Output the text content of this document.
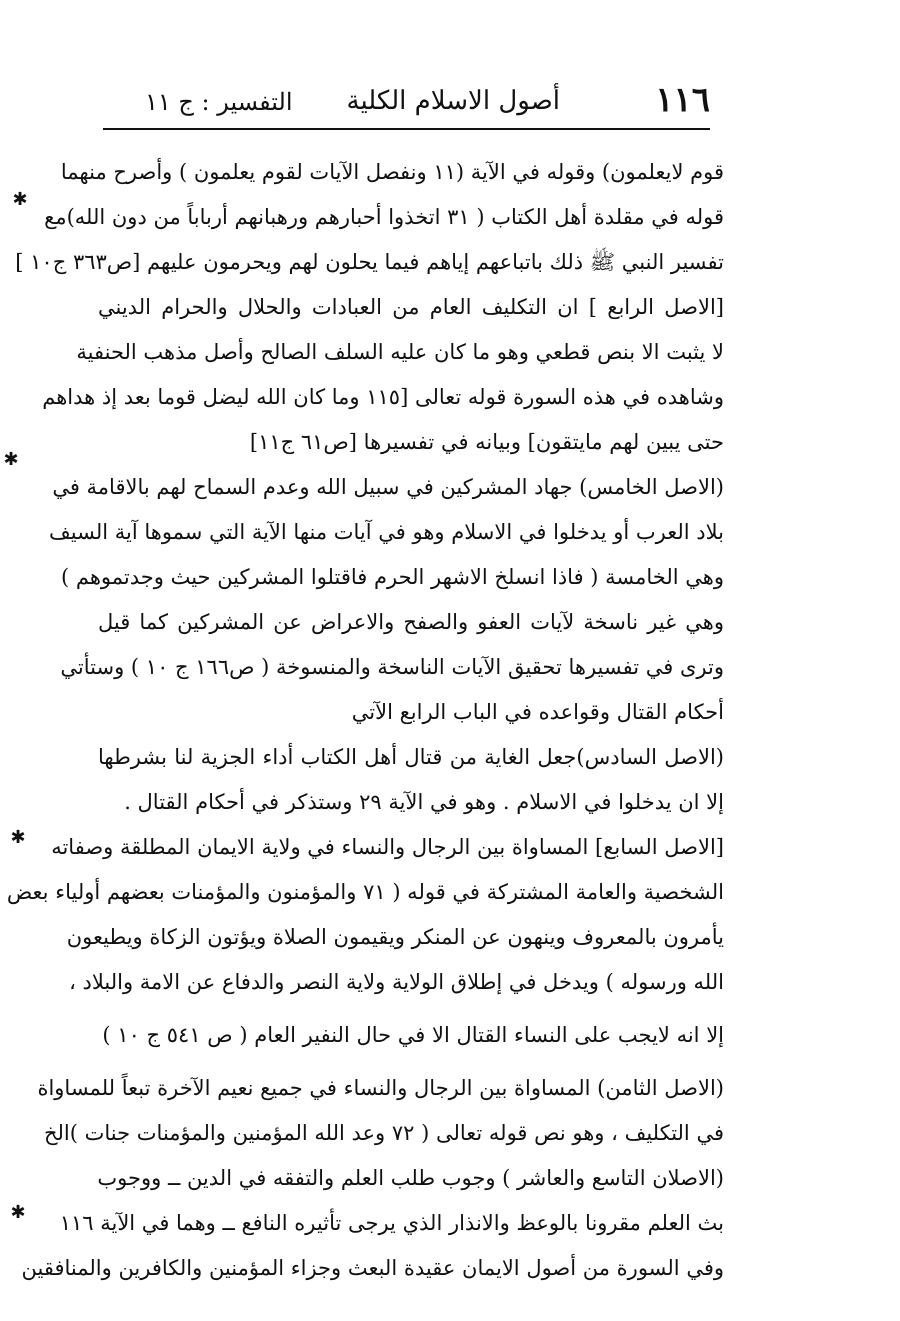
١١٦
أصول الاسلام الكلية
التفسير : ج ١١
قوم لايعلمون) وقوله في الآية (١١ ونفصل الآيات لقوم يعلمون ) وأصرح منهما
قوله في مقلدة أهل الكتاب ( ٣١ اتخذوا أحبارهم ورهبانهم أرباباً من دون الله)مع
تفسير النبي ﷺ ذلك باتباعهم إياهم فيما يحلون لهم ويحرمون عليهم [ص٣٦٣ ج١٠ ]
[الاصل الرابع ] ان التكليف العام من العبادات والحلال والحرام الديني
لا يثبت الا بنص قطعي وهو ما كان عليه السلف الصالح وأصل مذهب الحنفية
وشاهده في هذه السورة قوله تعالى [١١٥ وما كان الله ليضل قوما بعد إذ هداهم
حتى يبين لهم مايتقون] وبيانه في تفسيرها [ص٦١ ج١١]
(الاصل الخامس) جهاد المشركين في سبيل الله وعدم السماح لهم بالاقامة في
بلاد العرب أو يدخلوا في الاسلام وهو في آيات منها الآية التي سموها آية السيف
وهي الخامسة ( فاذا انسلخ الاشهر الحرم فاقتلوا المشركين حيث وجدتموهم )
وهي غير ناسخة لآيات العفو والصفح والاعراض عن المشركين كما قيل
وترى في تفسيرها تحقيق الآيات الناسخة والمنسوخة ( ص١٦٦ ج ١٠ ) وستأتي
أحكام القتال وقواعده في الباب الرابع الآتي
(الاصل السادس)جعل الغاية من قتال أهل الكتاب أداء الجزية لنا بشرطها
إلا ان يدخلوا في الاسلام . وهو في الآية ٢٩ وستذكر في أحكام القتال .
[الاصل السابع] المساواة بين الرجال والنساء في ولاية الايمان المطلقة وصفاته
الشخصية والعامة المشتركة في قوله ( ٧١ والمؤمنون والمؤمنات بعضهم أولياء بعض
يأمرون بالمعروف وينهون عن المنكر ويقيمون الصلاة ويؤتون الزكاة ويطيعون
الله ورسوله ) ويدخل في إطلاق الولاية ولاية النصر والدفاع عن الامة والبلاد ،
إلا انه لايجب على النساء القتال الا في حال النفير العام ( ص ٥٤١ ج ١٠ )
(الاصل الثامن) المساواة بين الرجال والنساء في جميع نعيم الآخرة تبعاً للمساواة
في التكليف ، وهو نص قوله تعالى ( ٧٢ وعد الله المؤمنين والمؤمنات جنات )الخ
(الاصلان التاسع والعاشر ) وجوب طلب العلم والتفقه في الدين ــ ووجوب
بث العلم مقرونا بالوعظ والانذار الذي يرجى تأثيره النافع ــ وهما في الآية ١١٦
وفي السورة من أصول الايمان عقيدة البعث وجزاء المؤمنين والكافرين والمنافقين
✱
✱
✱
✱
